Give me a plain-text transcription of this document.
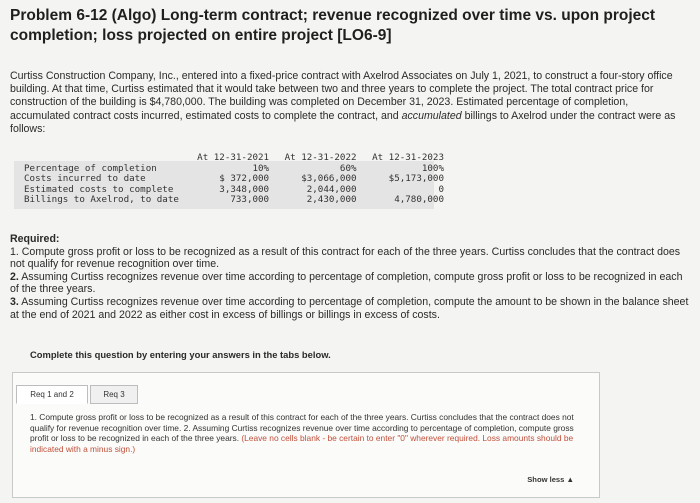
Problem 6-12 (Algo) Long-term contract; revenue recognized over time vs. upon project completion; loss projected on entire project [LO6-9]
Curtiss Construction Company, Inc., entered into a fixed-price contract with Axelrod Associates on July 1, 2021, to construct a four-story office building. At that time, Curtiss estimated that it would take between two and three years to complete the project. The total contract price for construction of the building is $4,780,000. The building was completed on December 31, 2023. Estimated percentage of completion, accumulated contract costs incurred, estimated costs to complete the contract, and accumulated billings to Axelrod under the contract were as follows:
	At 12-31-2021	At 12-31-2022	At 12-31-2023
Percentage of completion	10%	60%	100%
Costs incurred to date	$ 372,000	$3,066,000	$5,173,000
Estimated costs to complete	3,348,000	2,044,000	0
Billings to Axelrod, to date	733,000	2,430,000	4,780,000
Required:
1. Compute gross profit or loss to be recognized as a result of this contract for each of the three years. Curtiss concludes that the contract does not qualify for revenue recognition over time.
2. Assuming Curtiss recognizes revenue over time according to percentage of completion, compute gross profit or loss to be recognized in each of the three years.
3. Assuming Curtiss recognizes revenue over time according to percentage of completion, compute the amount to be shown in the balance sheet at the end of 2021 and 2022 as either cost in excess of billings or billings in excess of costs.
Complete this question by entering your answers in the tabs below.
Req 1 and 2	Req 3
1. Compute gross profit or loss to be recognized as a result of this contract for each of the three years. Curtiss concludes that the contract does not qualify for revenue recognition over time. 2. Assuming Curtiss recognizes revenue over time according to percentage of completion, compute gross profit or loss to be recognized in each of the three years. (Leave no cells blank - be certain to enter "0" wherever required. Loss amounts should be indicated with a minus sign.)
Show less ▲
